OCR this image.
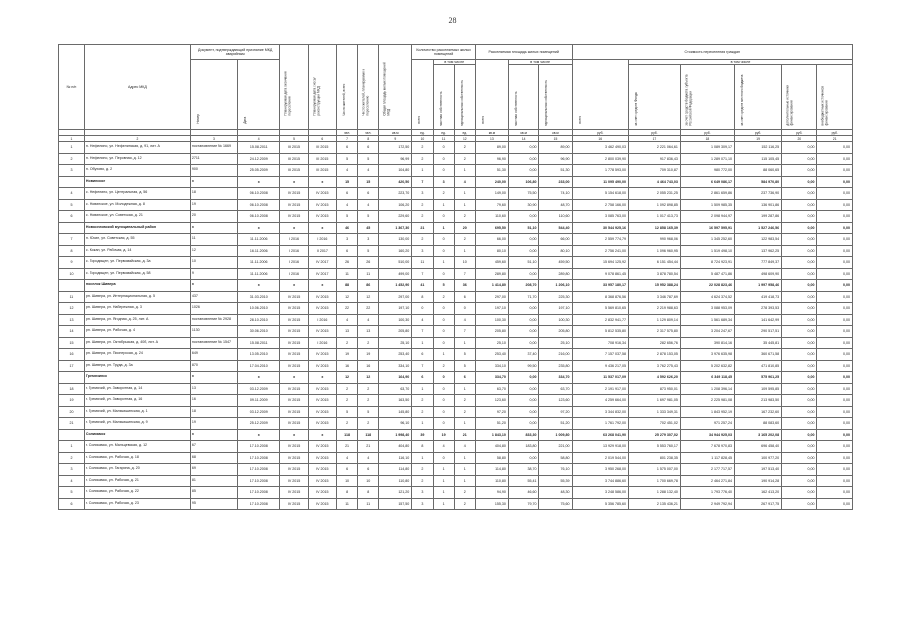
28
№ п/п	Адрес МКД	Документ, подтверждающий признание МКД аварийным		Планируемая дата окончания переселения	Планируемая дата сноса/ реконструкции МКД	Число жителей, всего	Число жителей, планируемых к переселению	Общая площадь жилых помещений МКД	Количество расселяемых жилых помещений			Расселяемая площадь жилых помещений			Стоимость переселения граждан					

		Номер	Дата						всего	в том числе		всего	в том числе		всего	в том числе				

										частная собственность	муниципальная собственность		частная собственность	муниципальная собственность		за счет средств Фонда	за счет средств бюджета субъекта Российской Федерации	за счет средств местного бюджета	дополнительные источники финансирования	внебюджетных источников финансирования

						чел.	чел.	кв.м	ед.	ед.	ед.	кв.м	кв.м	кв.м	руб.	руб.	руб.	руб.	руб.	руб.
1	2	3	4	5	6	7	8	9	10	11	12	13	14	15	16	17	18	19	20	21
1	п. Нефелино, ул. Нефелинская, д. 91, лит. А	постановление № 1669	15.08.2011	III 2015	III 2015	6	6	172,50	2	0	2	89,00	0,00	89,00	3 462 490,03	2 221 064,61	1 089 309,17	152 116,25	0,00	0,00
2	п. Нефелино, ул. Перовная, д. 12	2711	24.12.2009	III 2015	III 2015	5	5	96,99	2	0	2	96,90	0,00	96,90	2 800 039,90	917 836,43	1 289 071,10	115 105,45	0,00	0,00
3	п. Обухово, д. 2	900	25.05.2009	III 2015	III 2015	4	4	104,80	1	0	1	51,30	0,00	51,30	1 778 593,00	709 310,87	980 772,00	88 060,65	0,00	0,00
	Новинское	x	x	x	x	15	15	420,50	7	3	4	240,00	106,80	233,00	11 095 490,00	4 464 743,03	6 649 086,17	584 970,80	0,00	0,00
4	с. Нефелино, ул. Центральная, д. 56	18	06.10.2008	IV 2015	IV 2015	6	6	223,70	3	2	1	149,00	75,50	74,10	5 154 618,00	2 055 231,25	2 861 659,86	237 736,90	0,00	0,00
5	с. Новинское, ул. Молодежная, д. 8	19	06.10.2008	IV 2015	IV 2015	4	4	106,20	2	1	1	79,60	30,90	48,70	2 758 166,00	1 092 898,85	1 509 985,35	136 901,86	0,00	0,00
6	с. Новинское, ул. Советская, д. 21	20	06.10.2008	IV 2015	IV 2015	5	5	229,60	2	0	2	110,60	0,00	110,60	3 085 763,00	1 017 413,73	2 098 944,97	199 287,86	0,00	0,00
	Новоселовский муниципальный район	x	x	x	x	46	45	1 367,30	21	1	20	695,50	51,10	544,40	30 544 925,16	12 858 165,39	16 597 595,91	1 527 246,56	0,00	0,00
7	п. Юсин, ул. Советская, д. 55	11	11.11.2006	I 2016	I 2016	3	3	130,00	2	0	2	66,00	0,00	66,00	2 559 774,79	990 968,06	1 345 252,60	122 983,54	0,00	0,00
8	с. Кокан, ул. Рабочая, д. 14	12	16.11.2006	I 2016	II 2017	6	5	160,20	3	0	1	80,10	0,00	80,10	2 756 241,00	1 096 960,95	1 519 498,10	137 962,25	0,00	0,00
9	с. Городищен, ул. Первомайская, д. 3а	10	11.11.2006	I 2016	IV 2017	26	26	510,00	11	1	10	459,60	51,10	459,50	15 694 125,92	6 151 454,44	8 724 923,91	777 849,37	0,00	0,00
10	с. Городищен, ул. Первомайская, д. 58	9	11.11.2006	I 2016	IV 2017	11	11	499,00	7	0	7	289,80	0,00	289,80	9 078 861,45	3 878 780,54	5 487 471,86	498 609,90	0,00	0,00
	поселок Шивера	x	x	x	x	88	86	1 452,90	41	5	36	1 414,80	208,70	1 206,10	33 957 180,17	15 952 388,24	22 028 823,46	1 997 958,46	0,00	0,00
11	рп. Шивера, ул. Интернациональная, д. 5	437	31.03.2010	IV 2015	IV 2015	12	12	297,00	8	2	6	297,00	71,70	225,30	8 368 876,56	3 346 787,69	4 624 374,52	419 418,73	0,00	0,00
12	рп. Шивера, ул. Набережная, д. 3	1026	10.06.2010	IV 2015	IV 2015	22	22	197,10	0	0	0	197,10	0,00	197,10	5 569 810,65	2 219 988,63	3 088 953,09	278 393,53	0,00	0,00
13	рп. Шивера, ул. Ягодная, д. 25, лит. А	постановление № 2928	28.10.2010	IV 2015	I 2016	4	4	100,30	4	0	4	100,30	0,00	100,30	2 832 941,77	1 129 809,14	1 561 689,34	141 642,99	0,00	0,00
14	рп. Шивера, ул. Рабочая, д. 4	1130	30.06.2010	IV 2015	IV 2015	13	13	205,80	7	0	7	205,80	0,00	205,80	5 812 535,80	2 317 575,80	3 204 247,67	290 517,51	0,00	0,00
15	рп. Шивера, ул. Октябрьская, д. 40б, лит. А	постановление № 1547	15.08.2011	IV 2015	I 2016	2	2	25,10	1	0	1	25,10	0,00	25,10	708 916,34	282 656,76	390 814,16	35 445,81	0,00	0,00
16	рп. Шивера, ул. Пионерская, д. 24	649	13.05.2010	IV 2015	IV 2015	19	19	253,40	6	1	5	253,40	37,40	216,00	7 157 037,58	2 878 153,05	3 976 635,98	360 671,58	0,00	0,00
17	рп. Шивера, ул. Труда, д. 3а	870	17.04.2010	IV 2015	IV 2015	16	16	334,10	7	2	5	334,10	99,50	235,80	9 436 217,05	3 762 275,43	5 202 632,82	471 810,85	0,00	0,00
	Гремячинск	x	x	x	x	12	12	164,90	6	0	6	334,70	0,00	334,70	11 537 017,09	4 592 626,20	6 349 118,45	575 961,25	0,00	0,00
18	г. Гремячий, ул. Заворотная, д. 14	13	03.12.2009	IV 2015	IV 2015	2	2	63,70	1	0	1	63,70	0,00	63,70	2 191 917,00	873 950,01	1 208 396,14	109 595,85	0,00	0,00
19	г. Гремячий, ул. Заворотная, д. 16	16	09.11.2009	IV 2015	IV 2015	2	2	163,50	2	0	2	123,60	0,00	123,60	4 259 664,00	1 697 981,05	2 225 981,08	213 983,50	0,00	0,00
20	г. Гремячий, ул. Мальчишинская, д. 1	18	03.12.2009	IV 2015	IV 2015	5	5	145,80	2	0	2	97,20	0,00	97,20	3 344 832,00	1 333 349,31	1 843 952,19	167 232,60	0,00	0,00
21	г. Гремячий, ул. Мальчишинская, д. 9	19	25.12.2009	IV 2015	IV 2015	2	2	96,10	1	0	1	51,20	0,00	51,20	1 761 792,00	702 451,02	971 257,24	88 083,60	0,00	0,00
	Соликамск	x	x	x	x	118	118	1 998,40	39	19	21	1 843,10	833,30	1 009,80	63 268 041,90	25 279 307,02	34 944 925,03	3 165 202,08	0,00	0,00
1	г. Соликамск, ул. Мальцевская, д. 12	67	17.10.2008	IV 2015	IV 2015	21	21	404,80	8	4	4	404,80	183,80	221,00	13 929 918,00	5 553 760,17	7 678 970,83	696 458,40	0,00	0,00
2	г. Соликамск, ул. Рабочая, д. 18	68	17.10.2008	IV 2015	IV 2015	4	4	116,10	1	0	1	58,80	0,00	58,80	2 019 544,00	801 238,35	1 117 828,45	100 977,20	0,00	0,00
3	г. Соликамск, ул. Гагарина, д. 20	69	17.10.2008	IV 2015	IV 2015	6	6	114,80	2	1	1	114,80	38,70	76,10	3 950 268,00	1 575 007,00	2 177 717,57	197 513,40	0,00	0,00
4	г. Соликамск, ул. Рабочая, д. 21	81	17.10.2008	IV 2015	IV 2015	10	10	110,80	2	1	1	110,80	55,41	55,39	3 744 886,60	1 700 669,78	2 464 271,84	190 914,28	0,00	0,00
5	г. Соликамск, ул. Рабочая, д. 22	85	17.10.2008	IV 2015	IV 2015	8	8	121,20	3	1	2	94,90	46,60	48,30	3 248 586,00	1 288 132,40	1 793 776,40	162 413,20	0,00	0,00
6	г. Соликамск, ул. Рабочая, д. 23	95	17.10.2008	IV 2015	IV 2015	11	11	157,50	3	1	2	155,30	79,70	75,60	5 356 785,60	2 135 436,21	2 949 792,94	267 917,75	0,00	0,00
